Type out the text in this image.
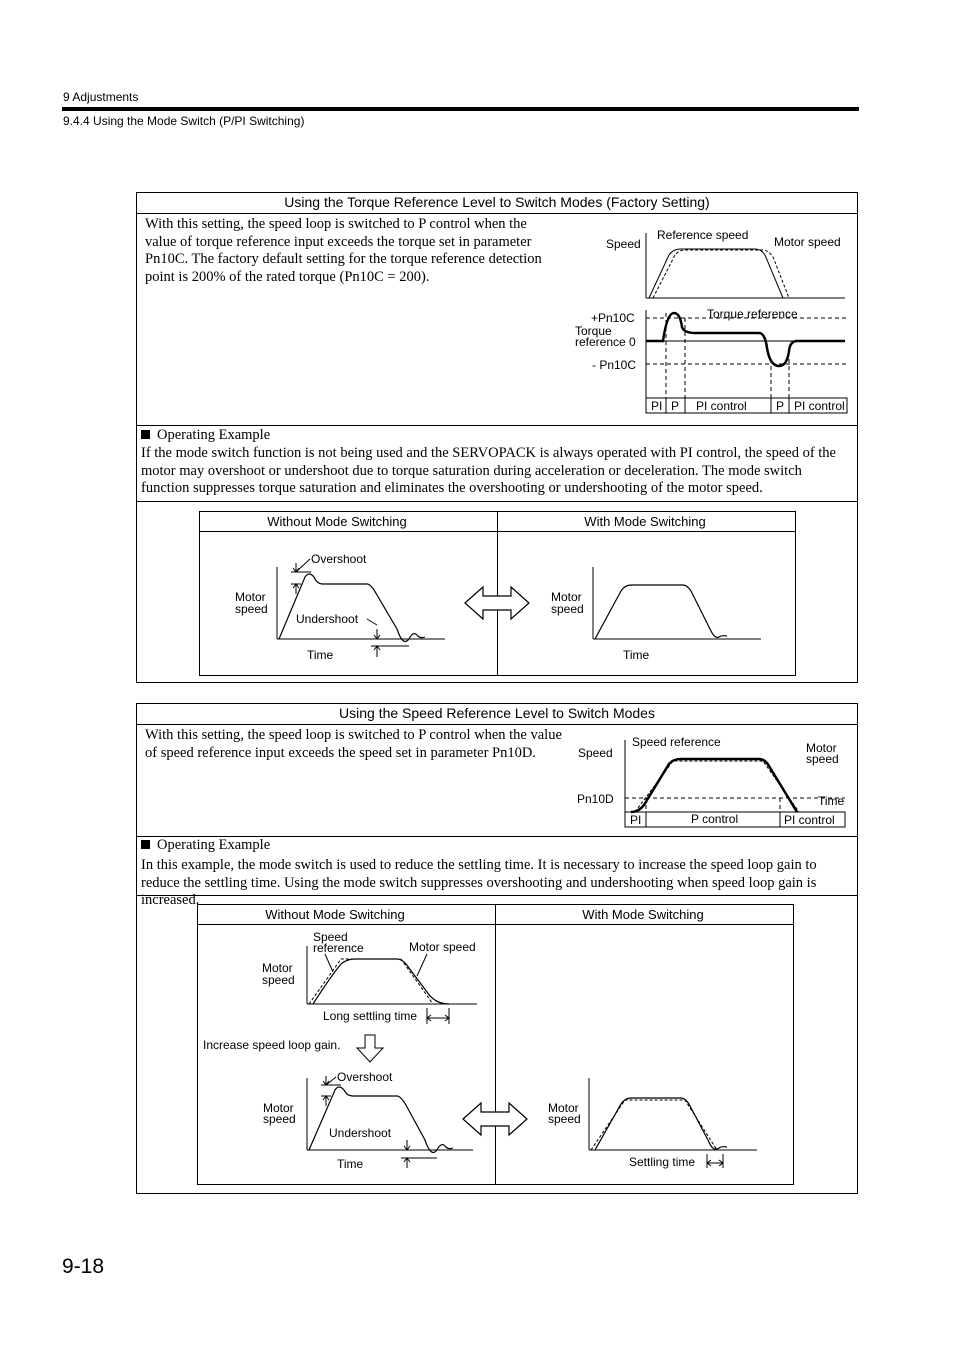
9 Adjustments
9.4.4 Using the Mode Switch (P/PI Switching)
Using the Torque Reference Level to Switch Modes (Factory Setting)
With this setting, the speed loop is switched to P control when the value of torque reference input exceeds the torque set in parameter Pn10C. The factory default setting for the torque reference detection point is 200% of the rated torque (Pn10C = 200).
Speed
Reference speed Motor speed
+Pn10C
Torque
reference 0
- Pn10C
Torque reference
PI P PI control P PI control
Operating Example
If the mode switch function is not being used and the SERVOPACK is always operated with PI control, the speed of the motor may overshoot or undershoot due to torque saturation during acceleration or deceleration. The mode switch function suppresses torque saturation and eliminates the overshooting or undershooting of the motor speed.
Without Mode Switching	With Mode Switching
Motor
speed
Overshoot
Undershoot
Time
Motor
speed
Time
Using the Speed Reference Level to Switch Modes
With this setting, the speed loop is switched to P control when the value of speed reference input exceeds the speed set in parameter Pn10D.	Speed
Speed reference	Motor
speed
Pn10D	Time
PI	P control	PI control
Operating Example
In this example, the mode switch is used to reduce the settling time. It is necessary to increase the speed loop gain to reduce the settling time. Using the mode switch suppresses overshooting and undershooting when speed loop gain is increased.
Without Mode Switching	With Mode Switching
Speed
reference	Motor speed
Motor
speed
Long settling time
Increase speed loop gain.
Overshoot
Motor
speed
Undershoot
Time
Motor
speed
Settling time
9-18
